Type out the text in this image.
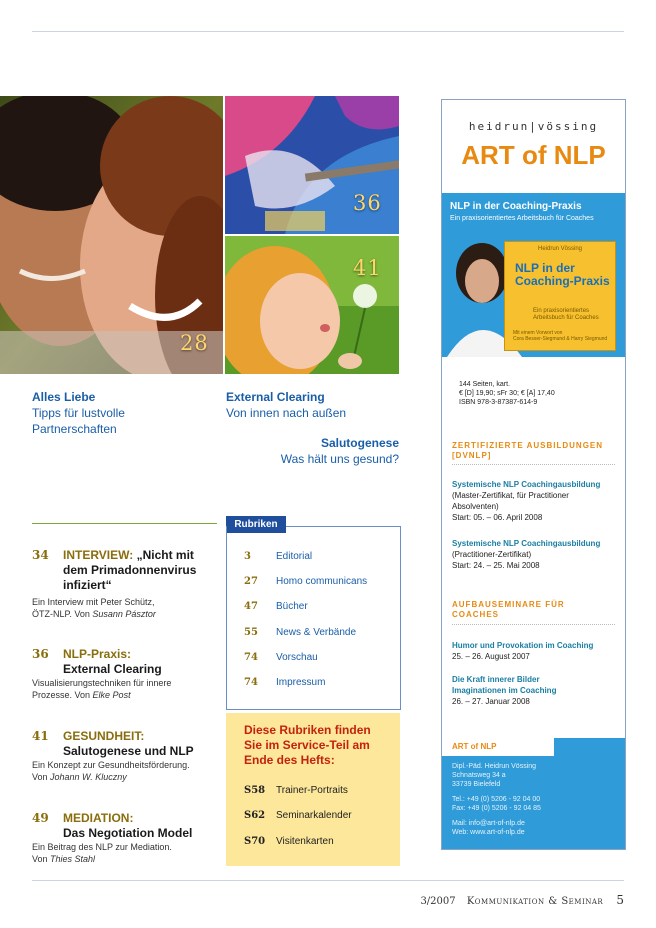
28
36
41
Alles Liebe
Tipps für lustvolle
Partnerschaften
External Clearing
Von innen nach außen
Salutogenese
Was hält uns gesund?
34 INTERVIEW: „Nicht mit
dem Primadonnenvirus
infiziert“
Ein Interview mit Peter Schütz,
ÖTZ-NLP. Von Susann Pásztor
36 NLP-Praxis:
External Clearing
Visualisierungstechniken für innere
Prozesse. Von Elke Post
41 GESUNDHEIT:
Salutogenese und NLP
Ein Konzept zur Gesundheitsförderung.
Von Johann W. Kluczny
49 MEDIATION:
Das Negotiation Model
Ein Beitrag des NLP zur Mediation.
Von Thies Stahl
Rubriken
3	Editorial
27 Homo communicans
47 Bücher
55 News & Verbände
74 Vorschau
74 Impressum
Diese Rubriken finden
Sie im Service-Teil am
Ende des Hefts:
S58 Trainer-Portraits
S62 Seminarkalender
S70 Visitenkarten
heidrun|vössing
ART of NLP
NLP in der Coaching-Praxis
Ein praxisorientiertes Arbeitsbuch für Coaches
Heidrun Vössing
NLP in der
Coaching-Praxis
Ein praxisorientiertes
Arbeitsbuch für Coaches
Mit einem Vorwort von
Cora Besser-Siegmund & Harry Siegmund
144 Seiten, kart.
€ [D] 19,90; sFr 30; € [A] 17,40
ISBN 978-3-87387-614-9
ZERTIFIZIERTE AUSBILDUNGEN
[DVNLP]
Systemische NLP Coachingausbildung
(Master-Zertifikat, für Practitioner
Absolventen)
Start: 05. – 06. April 2008
Systemische NLP Coachingausbildung
(Practitioner-Zertifikat)
Start: 24. – 25. Mai 2008
AUFBAUSEMINARE FÜR
COACHES
Humor und Provokation im Coaching
25. – 26. August 2007
Die Kraft innerer Bilder
Imaginationen im Coaching
26. – 27. Januar 2008
ART of NLP
Dipl.-Päd. Heidrun Vössing
Schnatsweg 34 a
33739 Bielefeld

Tel.: +49 (0) 5206 - 92 04 00
Fax: +49 (0) 5206 - 92 04 85

Mail: info@art-of-nlp.de
Web: www.art-of-nlp.de
3/2007 Kommunikation & Seminar 5
